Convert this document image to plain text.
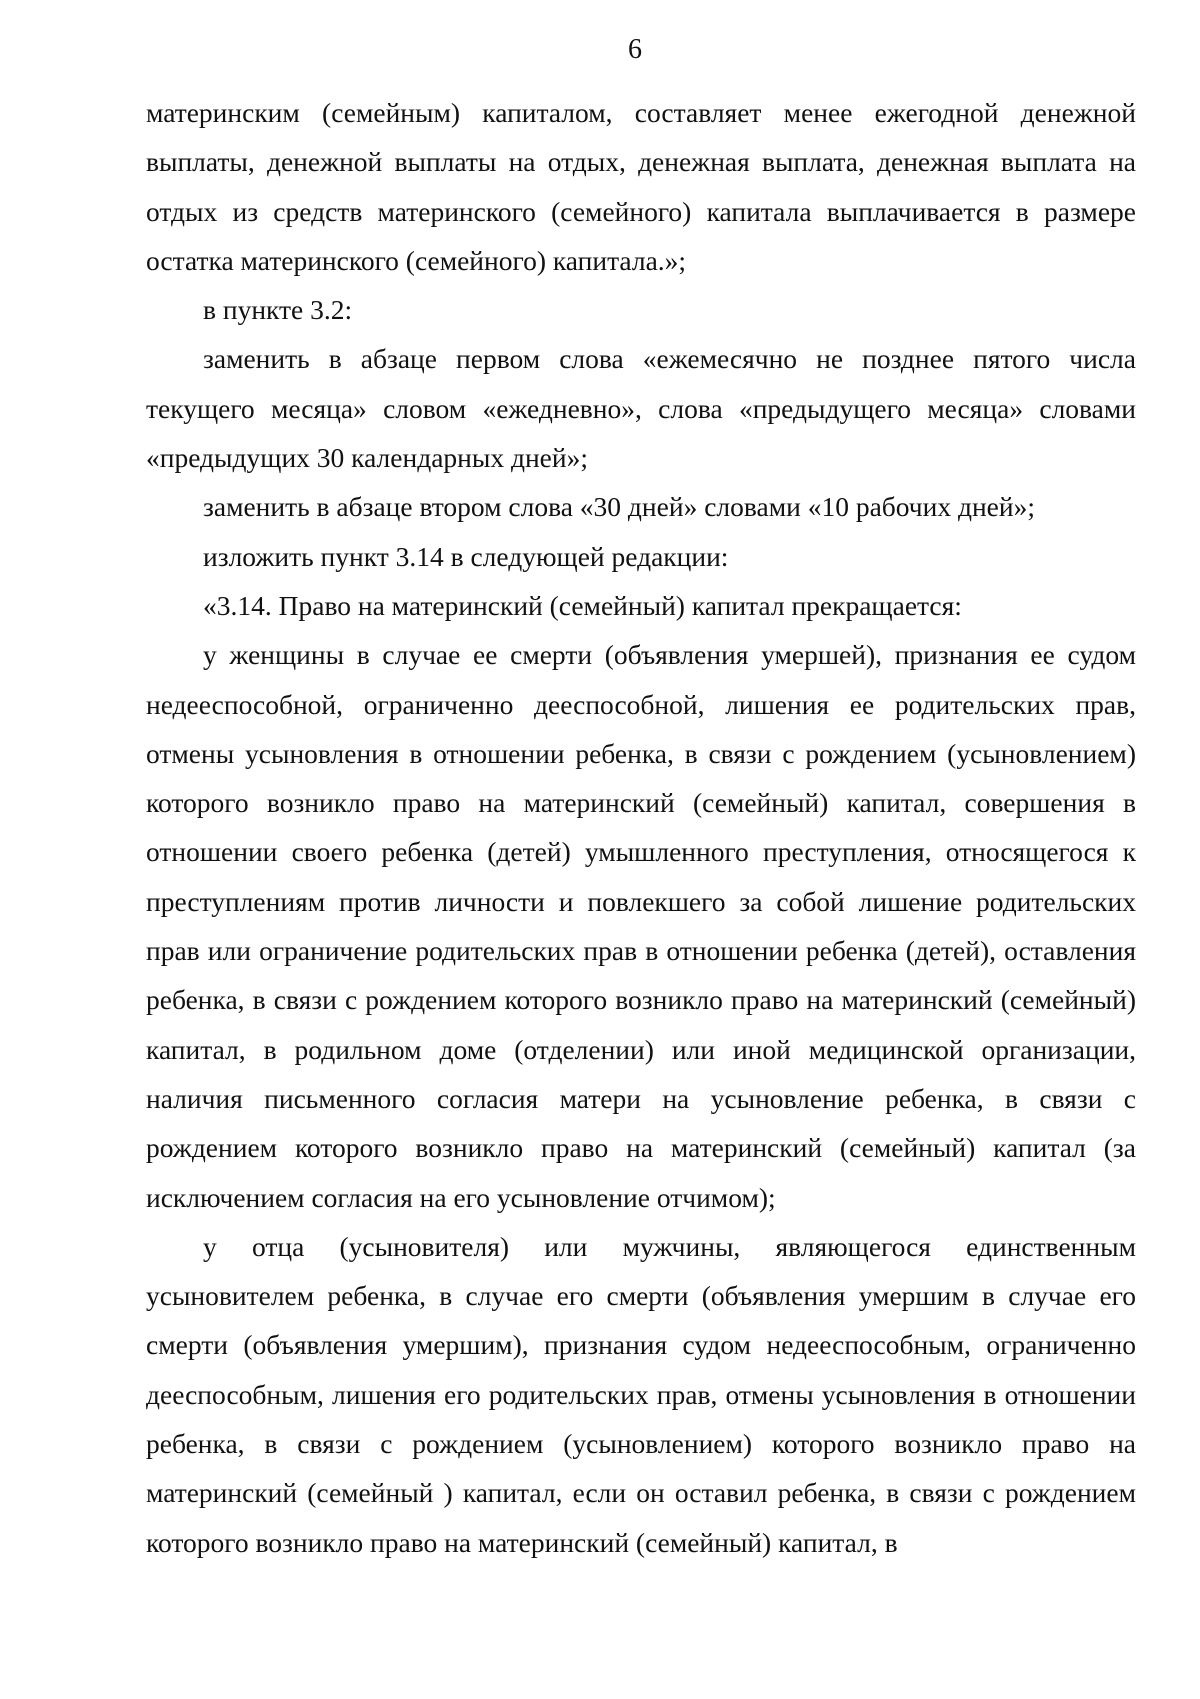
6

материнским (семейным) капиталом, составляет менее ежегодной денежной выплаты, денежной выплаты на отдых, денежная выплата, денежная выплата на отдых из средств материнского (семейного) капитала выплачивается в размере остатка материнского (семейного) капитала.»;

в пункте 3.2:

заменить в абзаце первом слова «ежемесячно не позднее пятого числа текущего месяца» словом «ежедневно», слова «предыдущего месяца» словами «предыдущих 30 календарных дней»;

заменить в абзаце втором слова «30 дней» словами «10 рабочих дней»;

изложить пункт 3.14 в следующей редакции:

«3.14. Право на материнский (семейный) капитал прекращается:

у женщины в случае ее смерти (объявления умершей), признания ее судом недееспособной, ограниченно дееспособной, лишения ее родительских прав, отмены усыновления в отношении ребенка, в связи с рождением (усыновлением) которого возникло право на материнский (семейный) капитал, совершения в отношении своего ребенка (детей) умышленного преступления, относящегося к преступлениям против личности и повлекшего за собой лишение родительских прав или ограничение родительских прав в отношении ребенка (детей), оставления ребенка, в связи с рождением которого возникло право на материнский (семейный) капитал, в родильном доме (отделении) или иной медицинской организации, наличия письменного согласия матери на усыновление ребенка, в связи с рождением которого возникло право на материнский (семейный) капитал (за исключением согласия на его усыновление отчимом);

у отца (усыновителя) или мужчины, являющегося единственным усыновителем ребенка, в случае его смерти (объявления умершим в случае его смерти (объявления умершим), признания судом недееспособным, ограниченно дееспособным, лишения его родительских прав, отмены усыновления в отношении ребенка, в связи с рождением (усыновлением) которого возникло право на материнский (семейный ) капитал, если он оставил ребенка, в связи с рождением которого возникло право на материнский (семейный) капитал, в
